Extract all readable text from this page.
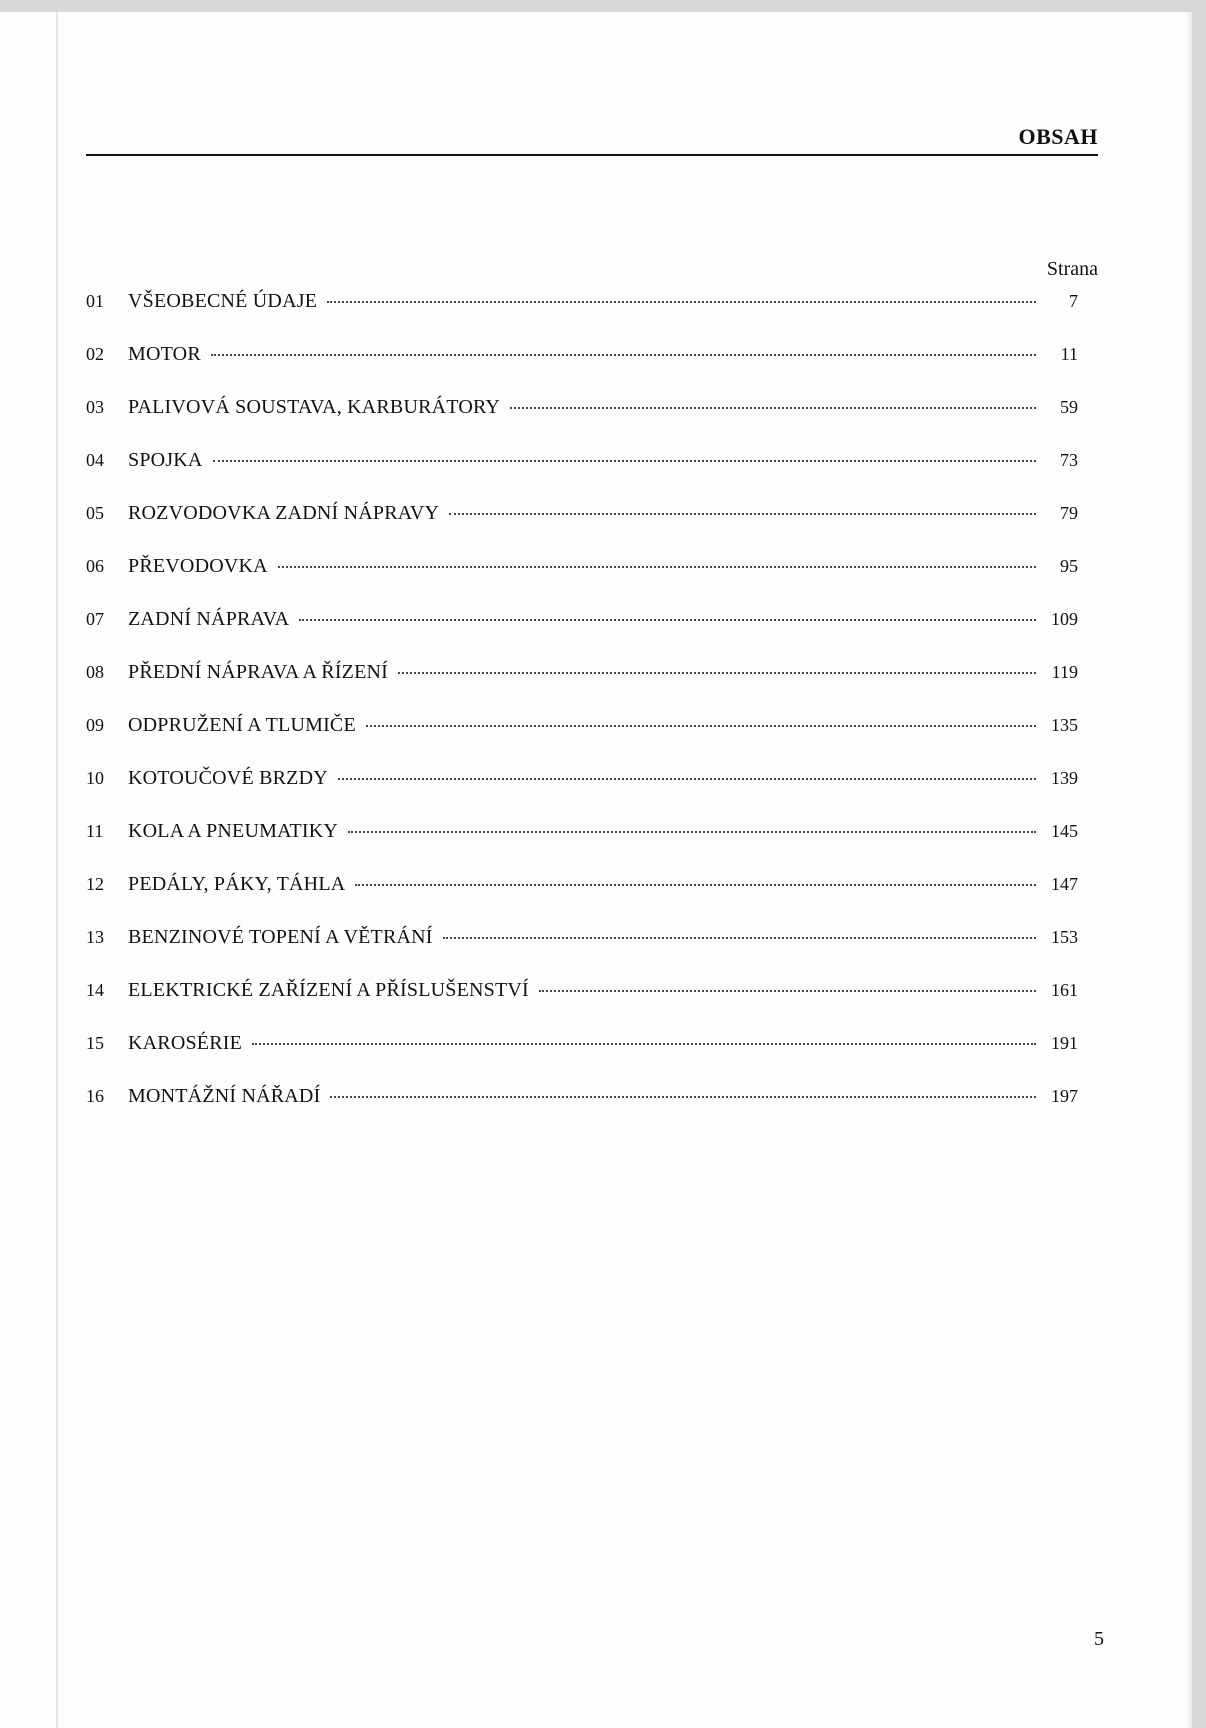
OBSAH
Strana
01	VŠEOBECNÉ ÚDAJE	7
02	MOTOR	11
03	PALIVOVÁ SOUSTAVA, KARBURÁTORY	59
04	SPOJKA	73
05	ROZVODOVKA ZADNÍ NÁPRAVY	79
06	PŘEVODOVKA	95
07	ZADNÍ NÁPRAVA	109
08	PŘEDNÍ NÁPRAVA A ŘÍZENÍ	119
09	ODPRUŽENÍ A TLUMIČE	135
10	KOTOUČOVÉ BRZDY	139
11	KOLA A PNEUMATIKY	145
12	PEDÁLY, PÁKY, TÁHLA	147
13	BENZINOVÉ TOPENÍ A VĚTRÁNÍ	153
14	ELEKTRICKÉ ZAŘÍZENÍ A PŘÍSLUŠENSTVÍ	161
15	KAROSÉRIE	191
16	MONTÁŽNÍ NÁŘADÍ	197
5
